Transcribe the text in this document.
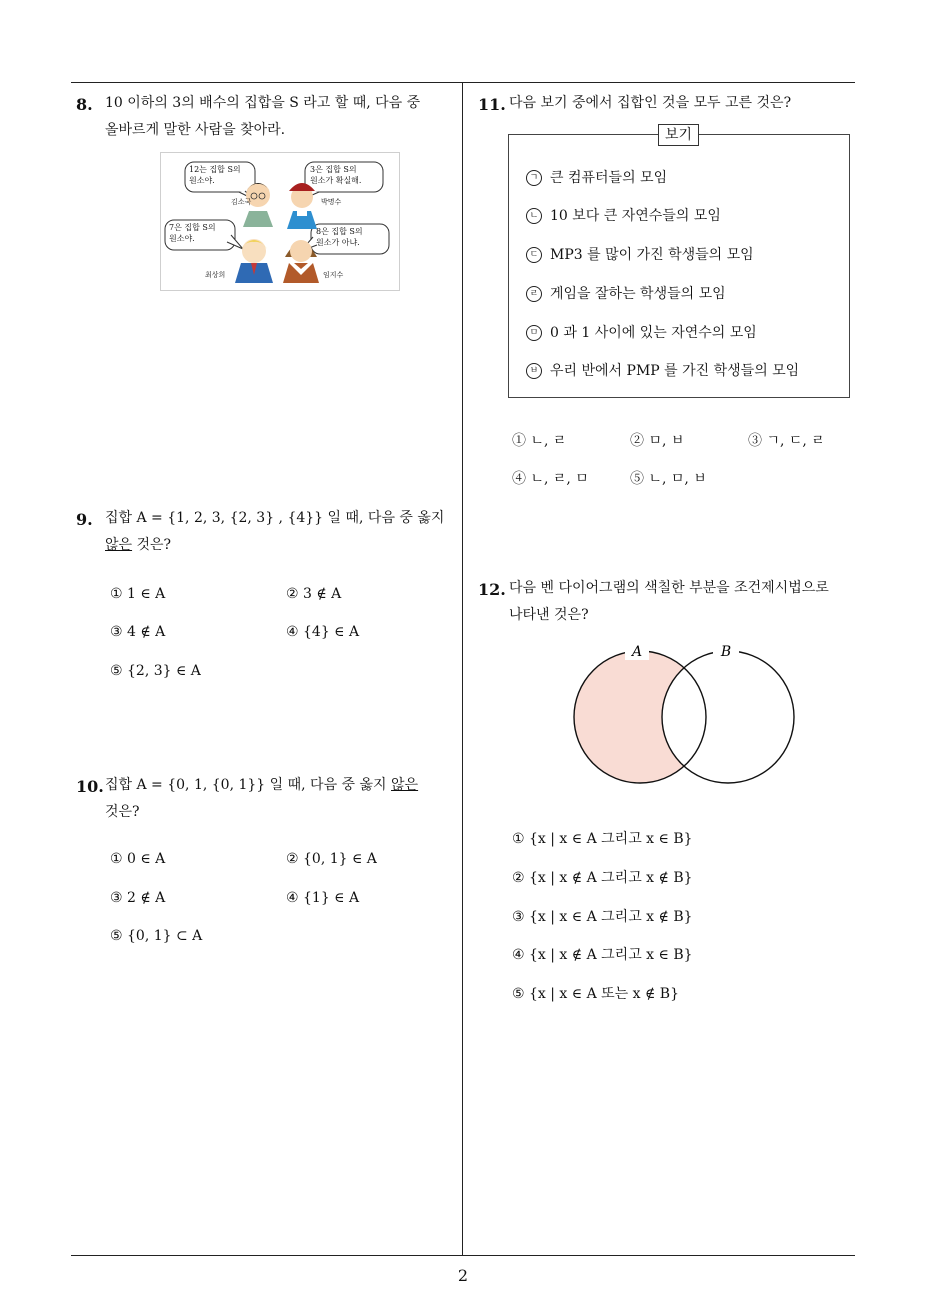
8. 10 이하의 3의 배수의 집합을 S 라고 할 때, 다음 중
올바르게 말한 사람을 찾아라.
12는 집합 S의
원소야.
3은 집합 S의
원소가 확실해.
7은 집합 S의
원소야.
8은 집합 S의
원소가 아냐.
김소국	박명수
최상희	임지수
9. 집합 A = {1, 2, 3, {2, 3} , {4}} 일 때, 다음 중 옳지
않은 것은?
① 1 ∈ A	② 3 ∉ A
③ 4 ∉ A	④ {4} ∈ A
⑤ {2, 3} ∈ A
10. 집합 A = {0, 1, {0, 1}} 일 때, 다음 중 옳지 않은
것은?
① 0 ∈ A	② {0, 1} ∈ A
③ 2 ∉ A	④ {1} ∈ A
⑤ {0, 1} ⊂ A
11. 다음 보기 중에서 집합인 것을 모두 고른 것은?
보기
ㄱ 큰 컴퓨터들의 모임
ㄴ 10 보다 큰 자연수들의 모임
ㄷ MP3 를 많이 가진 학생들의 모임
ㄹ 게임을 잘하는 학생들의 모임
ㅁ 0 과 1 사이에 있는 자연수의 모임
ㅂ 우리 반에서 PMP 를 가진 학생들의 모임
① ㄴ, ㄹ	② ㅁ, ㅂ	③ ㄱ, ㄷ, ㄹ
④ ㄴ, ㄹ, ㅁ	⑤ ㄴ, ㅁ, ㅂ
12. 다음 벤 다이어그램의 색칠한 부분을 조건제시법으로
나타낸 것은?
A	B
① {x | x ∈ A 그리고 x ∈ B}
② {x | x ∉ A 그리고 x ∉ B}
③ {x | x ∈ A 그리고 x ∉ B}
④ {x | x ∉ A 그리고 x ∈ B}
⑤ {x | x ∈ A 또는 x ∉ B}
2
